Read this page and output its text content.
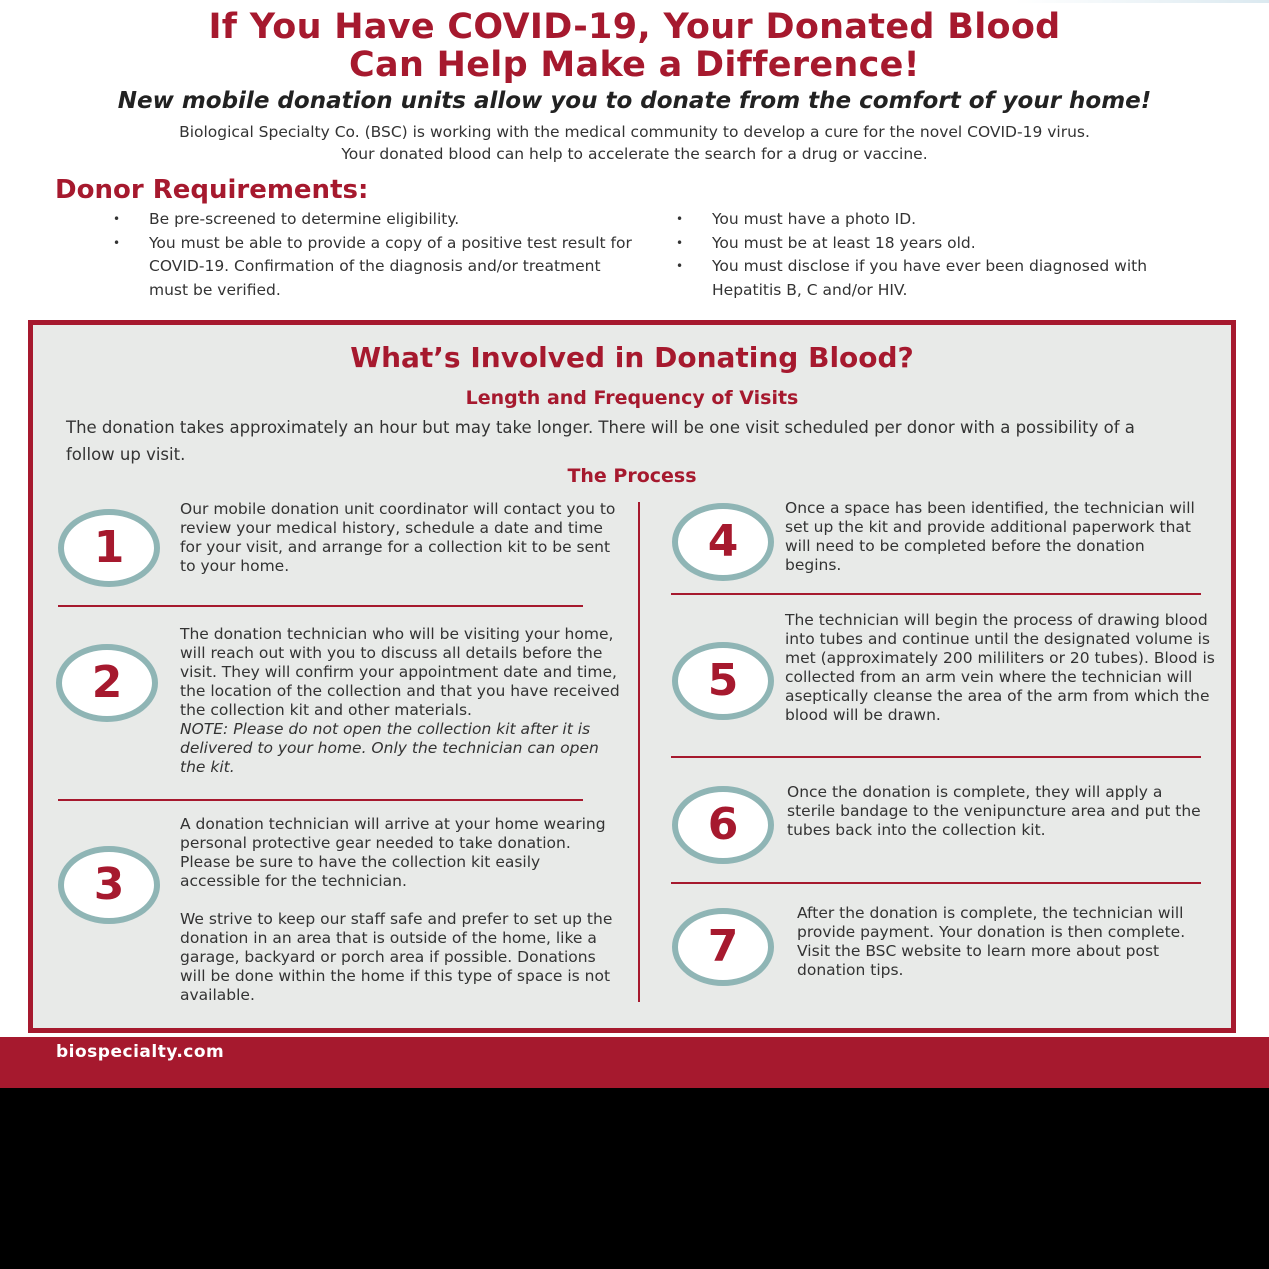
If You Have COVID-19, Your Donated Blood
Can Help Make a Difference!
New mobile donation units allow you to donate from the comfort of your home!
Biological Specialty Co. (BSC) is working with the medical community to develop a cure for the novel COVID-19 virus.
Your donated blood can help to accelerate the search for a drug or vaccine.
Donor Requirements:
• Be pre-screened to determine eligibility.
• You must be able to provide a copy of a positive test result for COVID-19. Confirmation of the diagnosis and/or treatment must be verified.
• You must have a photo ID.
• You must be at least 18 years old.
• You must disclose if you have ever been diagnosed with Hepatitis B, C and/or HIV.
What’s Involved in Donating Blood?
Length and Frequency of Visits
The donation takes approximately an hour but may take longer. There will be one visit scheduled per donor with a possibility of a follow up visit.
The Process
1
Our mobile donation unit coordinator will contact you to review your medical history, schedule a date and time for your visit, and arrange for a collection kit to be sent to your home.
2
The donation technician who will be visiting your home, will reach out with you to discuss all details before the visit. They will confirm your appointment date and time, the location of the collection and that you have received the collection kit and other materials.
NOTE: Please do not open the collection kit after it is delivered to your home. Only the technician can open the kit.
3
A donation technician will arrive at your home wearing personal protective gear needed to take donation. Please be sure to have the collection kit easily accessible for the technician.
We strive to keep our staff safe and prefer to set up the donation in an area that is outside of the home, like a garage, backyard or porch area if possible. Donations will be done within the home if this type of space is not available.
4
Once a space has been identified, the technician will set up the kit and provide additional paperwork that will need to be completed before the donation begins.
5
The technician will begin the process of drawing blood into tubes and continue until the designated volume is met (approximately 200 mililiters or 20 tubes). Blood is collected from an arm vein where the technician will aseptically cleanse the area of the arm from which the blood will be drawn.
6
Once the donation is complete, they will apply a sterile bandage to the venipuncture area and put the tubes back into the collection kit.
7
After the donation is complete, the technician will provide payment. Your donation is then complete. Visit the BSC website to learn more about post donation tips.
biospecialty.com
